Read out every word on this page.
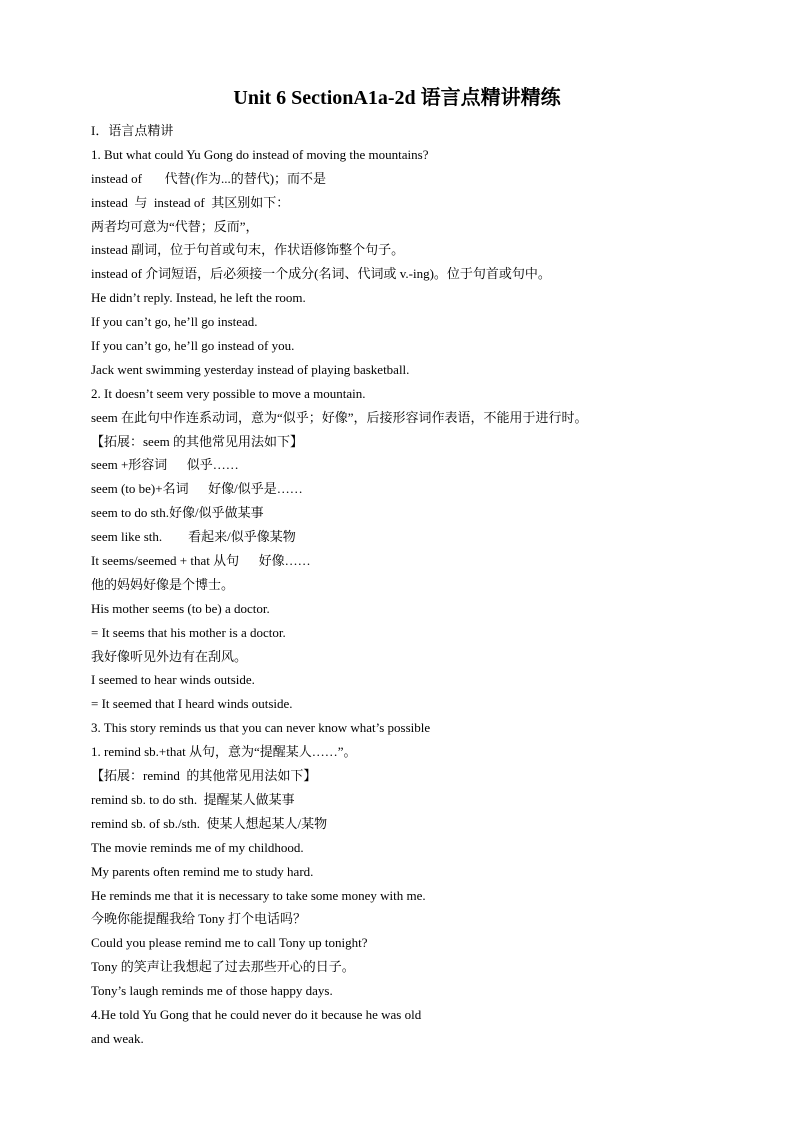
Unit 6 SectionA1a-2d 语言点精讲精练
I．语言点精讲
1. But what could Yu Gong do instead of moving the mountains?
instead of       代替(作为...的替代)；而不是
instead  与  instead of  其区别如下：
两者均可意为“代替；反而”，
instead 副词，位于句首或句末，作状语修饰整个句子。
instead of 介词短语，后必须接一个成分(名词、代词或 v.-ing)。位于句首或句中。
He didn’t reply. Instead, he left the room.
If you can’t go, he’ll go instead.
If you can’t go, he’ll go instead of you.
Jack went swimming yesterday instead of playing basketball.
2. It doesn’t seem very possible to move a mountain.
seem 在此句中作连系动词，意为“似乎；好像”，后接形容词作表语，不能用于进行时。
【拓展：seem 的其他常见用法如下】
seem +形容词      似乎……
seem (to be)+名词      好像/似乎是……
seem to do sth.好像/似乎做某事
seem like sth.        看起来/似乎像某物
It seems/seemed + that 从句      好像……
他的妈妈好像是个博士。
His mother seems (to be) a doctor.
= It seems that his mother is a doctor.
我好像听见外边有在刮风。
I seemed to hear winds outside.
= It seemed that I heard winds outside.
3. This story reminds us that you can never know what’s possible
1. remind sb.+that 从句，意为“提醒某人……”。
【拓展：remind  的其他常见用法如下】
remind sb. to do sth.  提醒某人做某事
remind sb. of sb./sth.  使某人想起某人/某物
The movie reminds me of my childhood.
My parents often remind me to study hard.
He reminds me that it is necessary to take some money with me.
今晚你能提醒我给 Tony 打个电话吗？
Could you please remind me to call Tony up tonight?
Tony 的笑声让我想起了过去那些开心的日子。
Tony’s laugh reminds me of those happy days.
4.He told Yu Gong that he could never do it because he was old
and weak.
